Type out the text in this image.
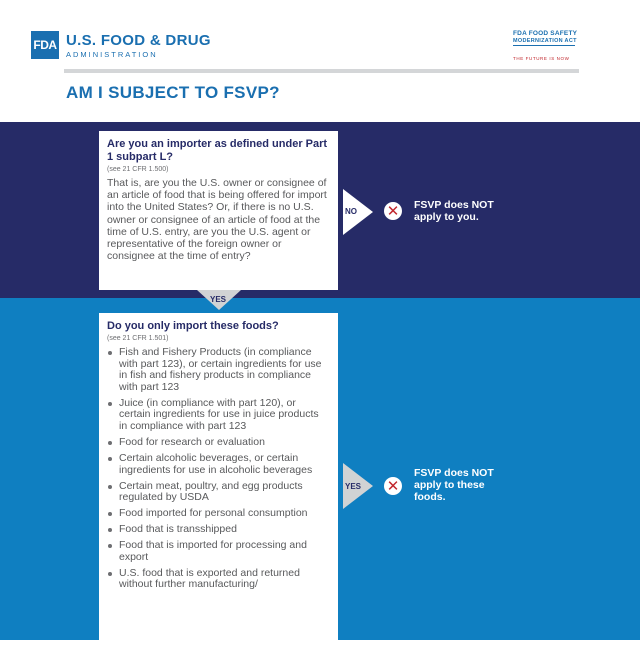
FDA U.S. FOOD & DRUG
ADMINISTRATION
FDA FOOD SAFETY
MODERNIZATION ACT
THE FUTURE IS NOW
AM I SUBJECT TO FSVP?
Are you an importer as defined under Part 1 subpart L?
(see 21 CFR 1.500)
That is, are you the U.S. owner or consignee of an article of food that is being offered for import into the United States? Or, if there is no U.S. owner or consignee of an article of food at the time of U.S. entry, are you the U.S. agent or representative of the foreign owner or consignee at the time of entry?
NO ✕ FSVP does NOT apply to you.
YES
Do you only import these foods?
(see 21 CFR 1.501)
Fish and Fishery Products (in compliance with part 123), or certain ingredients for use in fish and fishery products in compliance with part 123
Juice (in compliance with part 120), or certain ingredients for use in juice products in compliance with part 123
Food for research or evaluation
Certain alcoholic beverages, or certain ingredients for use in alcoholic beverages
Certain meat, poultry, and egg products regulated by USDA
Food imported for personal consumption
Food that is transshipped
Food that is imported for processing and export
U.S. food that is exported and returned without further manufacturing/
YES ✕
FSVP does NOT apply to these foods.
